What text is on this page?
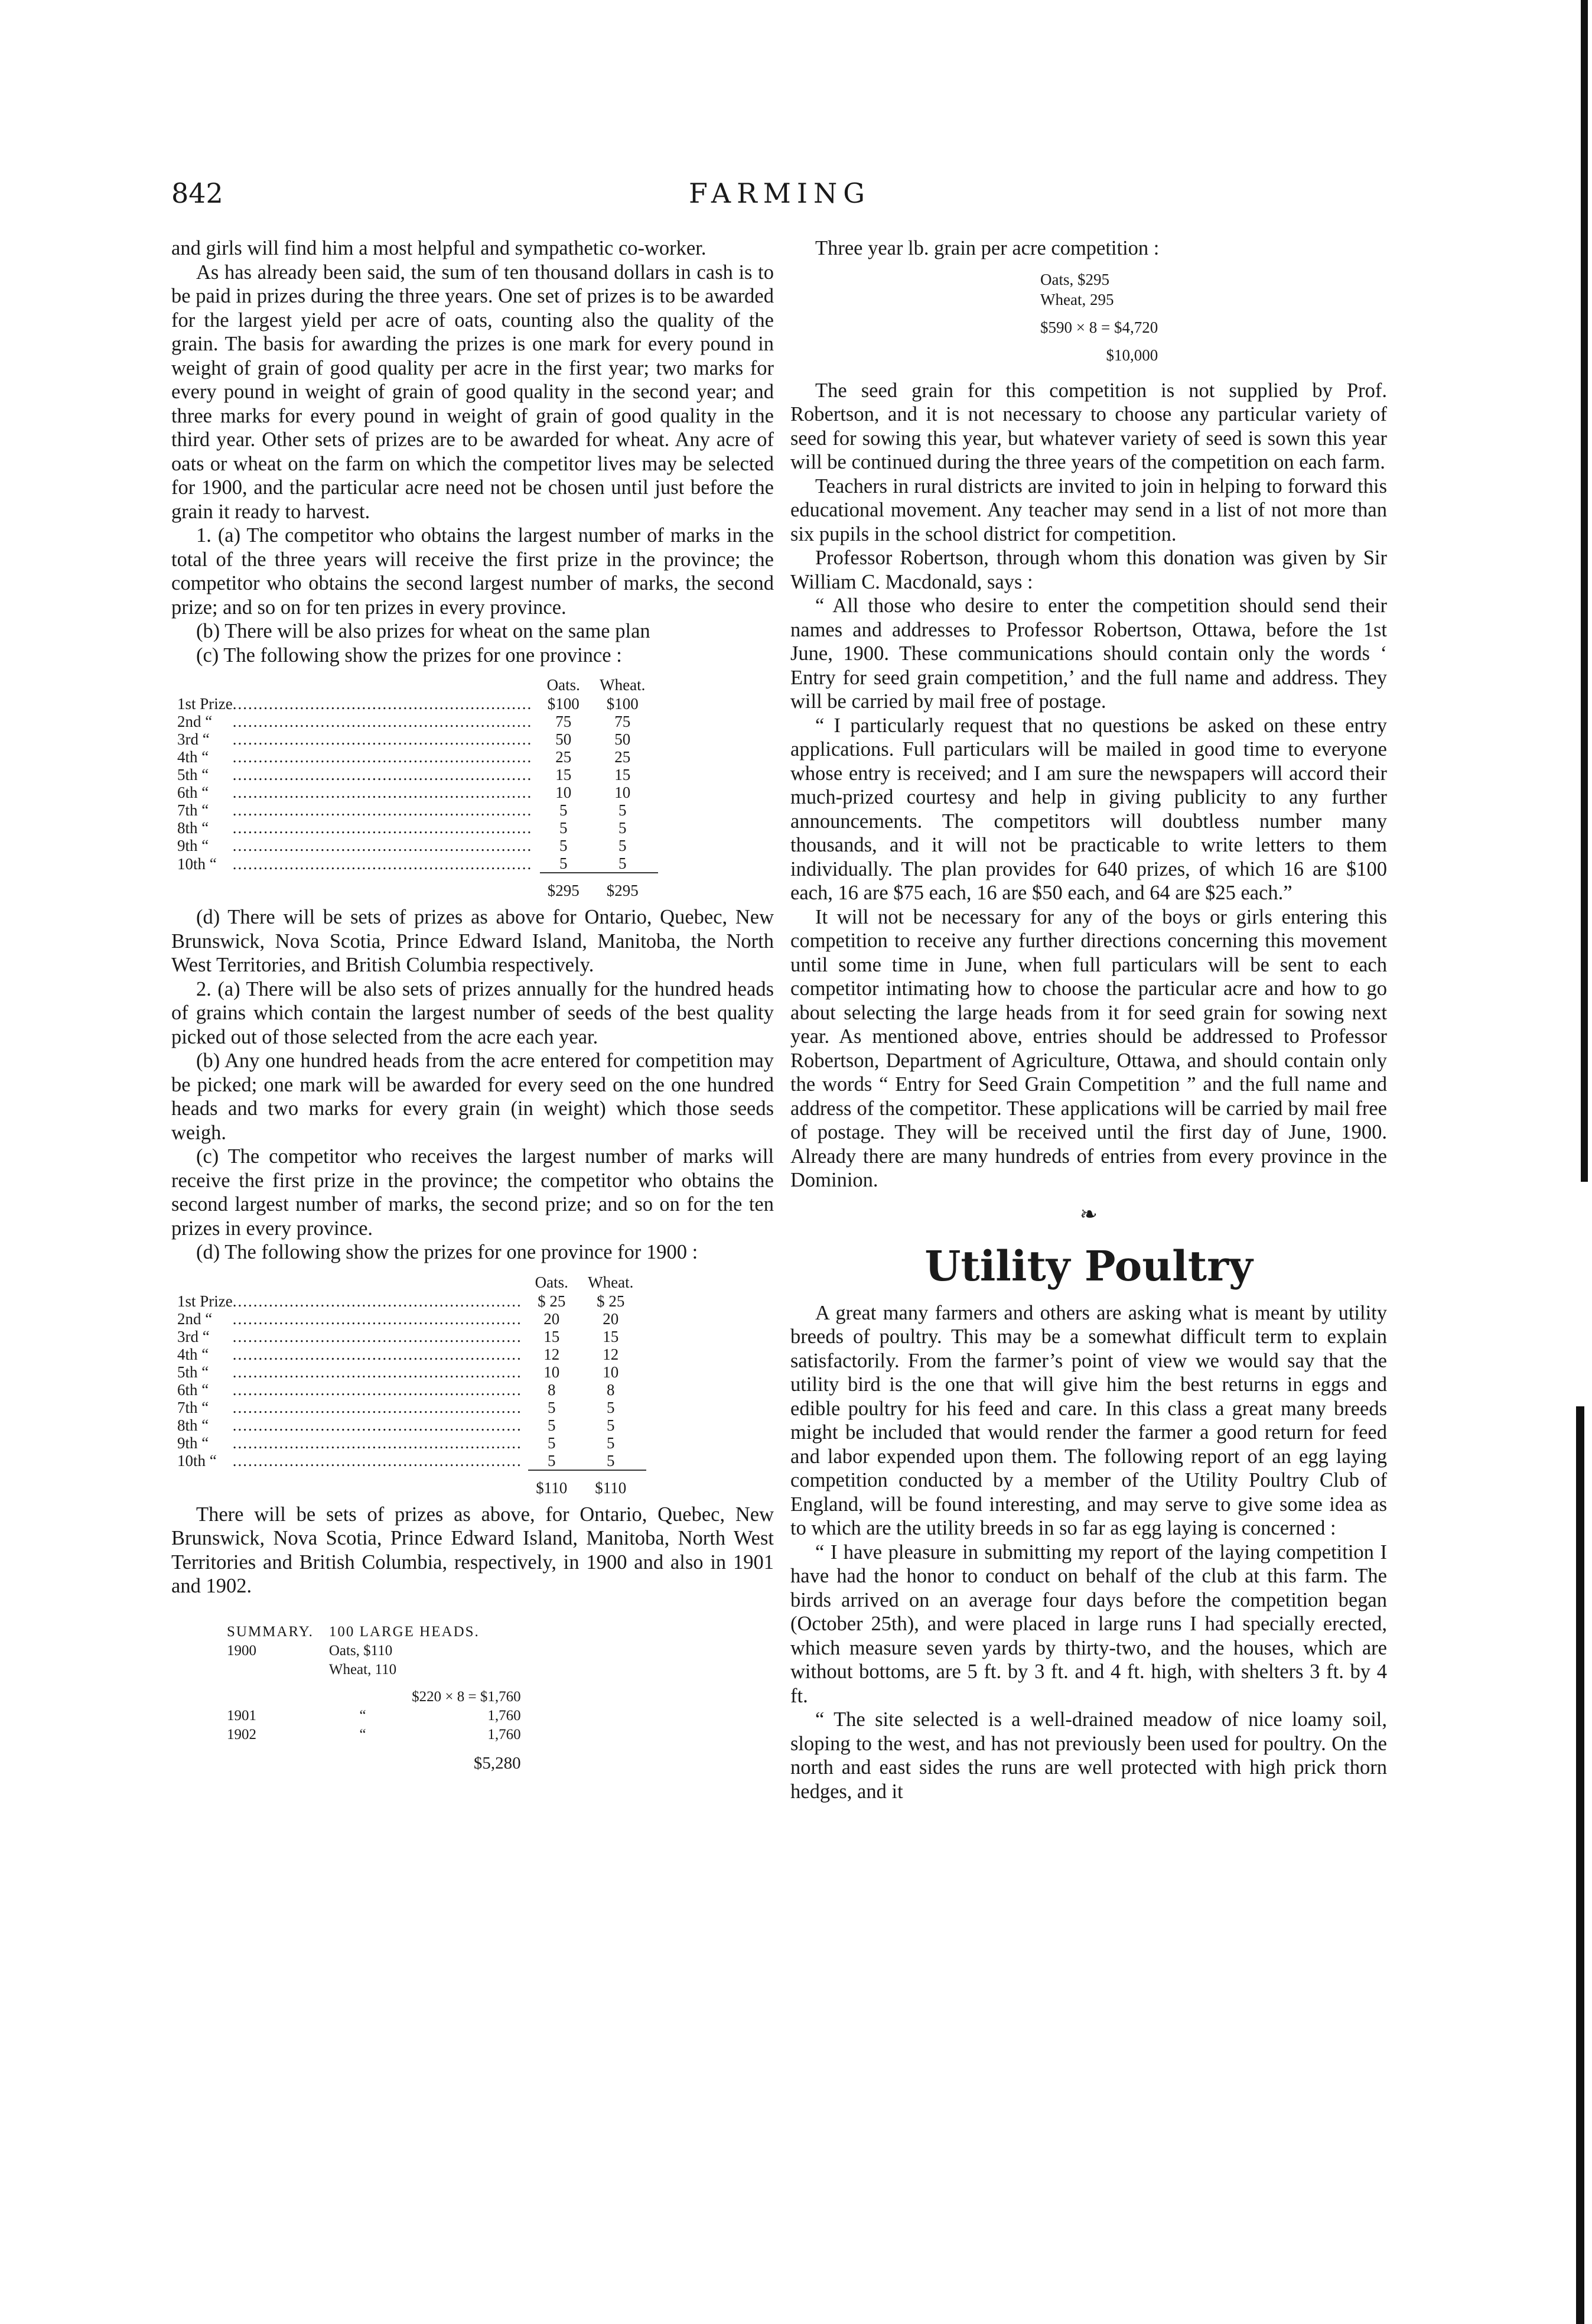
842	FARMING

and girls will find him a most helpful and sympathetic co-worker.

As has already been said, the sum of ten thousand dollars in cash is to be paid in prizes during the three years. One set of prizes is to be awarded for the largest yield per acre of oats, counting also the quality of the grain. The basis for awarding the prizes is one mark for every pound in weight of grain of good quality per acre in the first year; two marks for every pound in weight of grain of good quality in the second year; and three marks for every pound in weight of grain of good quality in the third year. Other sets of prizes are to be awarded for wheat. Any acre of oats or wheat on the farm on which the competitor lives may be selected for 1900, and the particular acre need not be chosen until just before the grain it ready to harvest.

1. (a) The competitor who obtains the largest number of marks in the total of the three years will receive the first prize in the province; the competitor who obtains the second largest number of marks, the second prize; and so on for ten prizes in every province.

(b) There will be also prizes for wheat on the same plan

(c) The following show the prizes for one province :

		Oats.	Wheat.
1st Prize	..........................................................	$100	$100
2nd “	..........................................................	75	75
3rd “	..........................................................	50	50
4th “	..........................................................	25	25
5th “	..........................................................	15	15
6th “	..........................................................	10	10
7th “	..........................................................	5	5
8th “	..........................................................	5	5
9th “	..........................................................	5	5
10th “	..........................................................	5	5
		$295	$295

(d) There will be sets of prizes as above for Ontario, Quebec, New Brunswick, Nova Scotia, Prince Edward Island, Manitoba, the North West Territories, and British Columbia respectively.

2. (a) There will be also sets of prizes annually for the hundred heads of grains which contain the largest number of seeds of the best quality picked out of those selected from the acre each year.

(b) Any one hundred heads from the acre entered for competition may be picked; one mark will be awarded for every seed on the one hundred heads and two marks for every grain (in weight) which those seeds weigh.

(c) The competitor who receives the largest number of marks will receive the first prize in the province; the competitor who obtains the second largest number of marks, the second prize; and so on for the ten prizes in every province.

(d) The following show the prizes for one province for 1900 :

		Oats.	Wheat.
1st Prize	........................................................	$ 25	$ 25
2nd “	........................................................	20	20
3rd “	........................................................	15	15
4th “	........................................................	12	12
5th “	........................................................	10	10
6th “	........................................................	8	8
7th “	........................................................	5	5
8th “	........................................................	5	5
9th “	........................................................	5	5
10th “	........................................................	5	5
		$110	$110

There will be sets of prizes as above, for Ontario, Quebec, New Brunswick, Nova Scotia, Prince Edward Island, Manitoba, North West Territories and British Columbia, respectively, in 1900 and also in 1901 and 1902.

SUMMARY.	100 LARGE HEADS.	
1900	Oats, $110	
	Wheat, 110	
		$220 × 8 = $1,760
1901	“	1,760
1902	“	1,760
		$5,280

Three year lb. grain per acre competition :

Oats, $295
Wheat, 295
$590 × 8 = $4,720
$10,000

The seed grain for this competition is not supplied by Prof. Robertson, and it is not necessary to choose any particular variety of seed for sowing this year, but whatever variety of seed is sown this year will be continued during the three years of the competition on each farm.

Teachers in rural districts are invited to join in helping to forward this educational movement. Any teacher may send in a list of not more than six pupils in the school district for competition.

Professor Robertson, through whom this donation was given by Sir William C. Macdonald, says :

“ All those who desire to enter the competition should send their names and addresses to Professor Robertson, Ottawa, before the 1st June, 1900. These communications should contain only the words ‘ Entry for seed grain competition,’ and the full name and address. They will be carried by mail free of postage.

“ I particularly request that no questions be asked on these entry applications. Full particulars will be mailed in good time to everyone whose entry is received; and I am sure the newspapers will accord their much-prized courtesy and help in giving publicity to any further announcements. The competitors will doubtless number many thousands, and it will not be practicable to write letters to them individually. The plan provides for 640 prizes, of which 16 are $100 each, 16 are $75 each, 16 are $50 each, and 64 are $25 each.”

It will not be necessary for any of the boys or girls entering this competition to receive any further directions concerning this movement until some time in June, when full particulars will be sent to each competitor intimating how to choose the particular acre and how to go about selecting the large heads from it for seed grain for sowing next year. As mentioned above, entries should be addressed to Professor Robertson, Department of Agriculture, Ottawa, and should contain only the words “ Entry for Seed Grain Competition ” and the full name and address of the competitor. These applications will be carried by mail free of postage. They will be received until the first day of June, 1900. Already there are many hundreds of entries from every province in the Dominion.

❧
Utility Poultry

A great many farmers and others are asking what is meant by utility breeds of poultry. This may be a somewhat difficult term to explain satisfactorily. From the farmer’s point of view we would say that the utility bird is the one that will give him the best returns in eggs and edible poultry for his feed and care. In this class a great many breeds might be included that would render the farmer a good return for feed and labor expended upon them. The following report of an egg laying competition conducted by a member of the Utility Poultry Club of England, will be found interesting, and may serve to give some idea as to which are the utility breeds in so far as egg laying is concerned :

“ I have pleasure in submitting my report of the laying competition I have had the honor to conduct on behalf of the club at this farm. The birds arrived on an average four days before the competition began (October 25th), and were placed in large runs I had specially erected, which measure seven yards by thirty-two, and the houses, which are without bottoms, are 5 ft. by 3 ft. and 4 ft. high, with shelters 3 ft. by 4 ft.

“ The site selected is a well-drained meadow of nice loamy soil, sloping to the west, and has not previously been used for poultry. On the north and east sides the runs are well protected with high prick thorn hedges, and it
